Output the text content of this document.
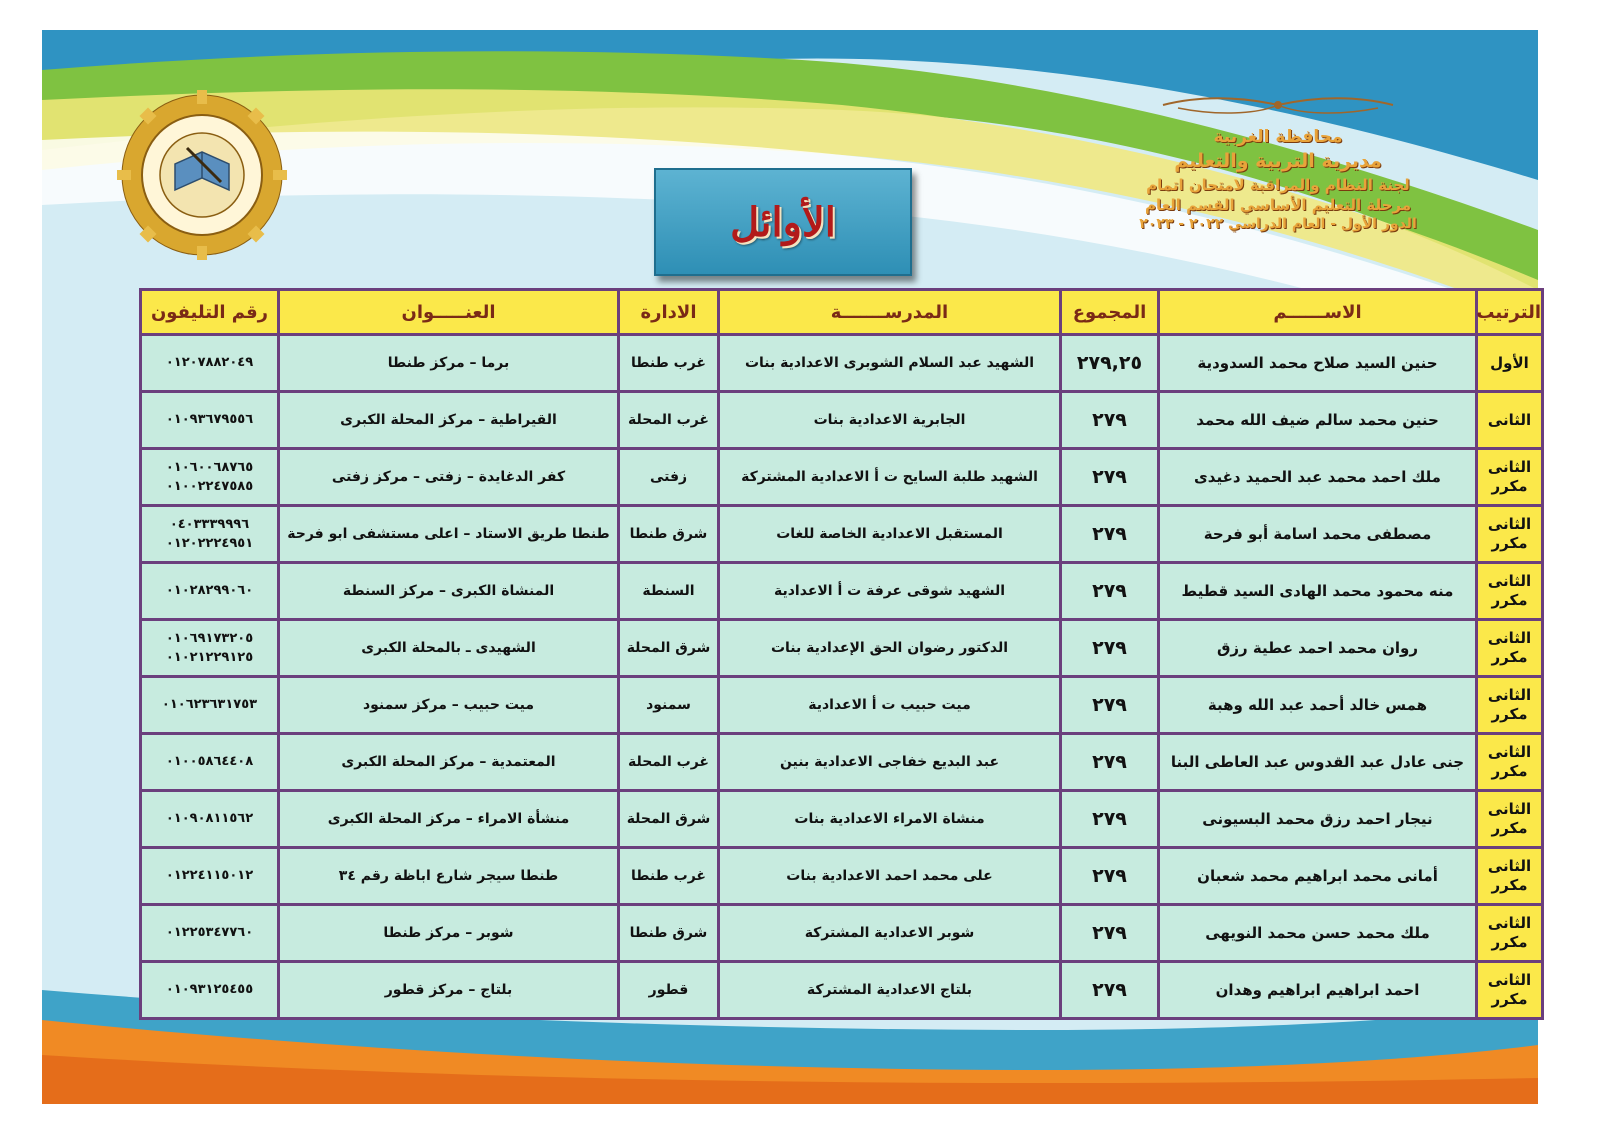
محافظة الغربية
مديرية التربية والتعليم
لجنة النظام والمراقبة لامتحان اتمام
مرحلة التعليم الأساسي القسم العام
الدور الأول - العام الدراسي ٢٠٢٢ - ٢٠٢٣
الأوائل
الترتيب	الاســــــم	المجموع	المدرســـــــة	الادارة	العنـــــوان	رقم التليفون

الأول	حنين السيد صلاح محمد السدودية	٢٧٩,٢٥	الشهيد عبد السلام الشوبرى الاعدادية بنات	غرب طنطا	برما – مركز طنطا	٠١٢٠٧٨٨٢٠٤٩

الثانى	حنين محمد سالم ضيف الله محمد	٢٧٩	الجابرية الاعدادية بنات	غرب المحلة	القيراطية – مركز المحلة الكبرى	٠١٠٩٣٦٧٩٥٥٦

الثانى
مكرر	ملك احمد محمد عبد الحميد دغيدى	٢٧٩	الشهيد طلبة السايح ت أ الاعدادية المشتركة	زفتى	كفر الدغايدة – زفتى – مركز زفتى	٠١٠٦٠٠٦٨٧٦٥
٠١٠٠٢٢٤٧٥٨٥

الثانى
مكرر	مصطفى محمد اسامة أبو فرحة	٢٧٩	المستقبل الاعدادية الخاصة للغات	شرق طنطا	طنطا طريق الاستاد – اعلى مستشفى ابو فرحة	٠٤٠٣٣٣٩٩٩٦
٠١٢٠٢٢٢٤٩٥١

الثانى
مكرر	منه محمود محمد الهادى السيد قطيط	٢٧٩	الشهيد شوقى عرفة ت أ الاعدادية	السنطة	المنشاة الكبرى – مركز السنطة	٠١٠٢٨٢٩٩٠٦٠

الثانى
مكرر	روان محمد احمد عطية رزق	٢٧٩	الدكتور رضوان الحق الإعدادية بنات	شرق المحلة	الشهيدى ـ بالمحلة الكبرى	٠١٠٦٩١٧٣٢٠٥
٠١٠٢١٢٢٩١٢٥

الثانى
مكرر	همس خالد أحمد عبد الله وهبة	٢٧٩	ميت حبيب ت أ الاعدادية	سمنود	ميت حبيب – مركز سمنود	٠١٠٦٢٣٦٣١٧٥٣

الثانى
مكرر	جنى عادل عبد القدوس عبد العاطى البنا	٢٧٩	عبد البديع خفاجى الاعدادية بنين	غرب المحلة	المعتمدية – مركز المحلة الكبرى	٠١٠٠٥٨٦٤٤٠٨

الثانى
مكرر	نيجار احمد رزق محمد البسيونى	٢٧٩	منشاة الامراء الاعدادية بنات	شرق المحلة	منشأة الامراء – مركز المحلة الكبرى	٠١٠٩٠٨١١٥٦٢

الثانى
مكرر	أمانى محمد ابراهيم محمد شعبان	٢٧٩	على محمد احمد الاعدادية بنات	غرب طنطا	طنطا سيجر شارع اباظة رقم ٣٤	٠١٢٢٤١١٥٠١٢

الثانى
مكرر	ملك محمد حسن محمد النويهى	٢٧٩	شوبر الاعدادية المشتركة	شرق طنطا	شوبر – مركز طنطا	٠١٢٢٥٣٤٧٧٦٠

الثانى
مكرر	احمد ابراهيم ابراهيم وهدان	٢٧٩	بلتاج الاعدادية المشتركة	قطور	بلتاج – مركز قطور	٠١٠٩٣١٢٥٤٥٥
